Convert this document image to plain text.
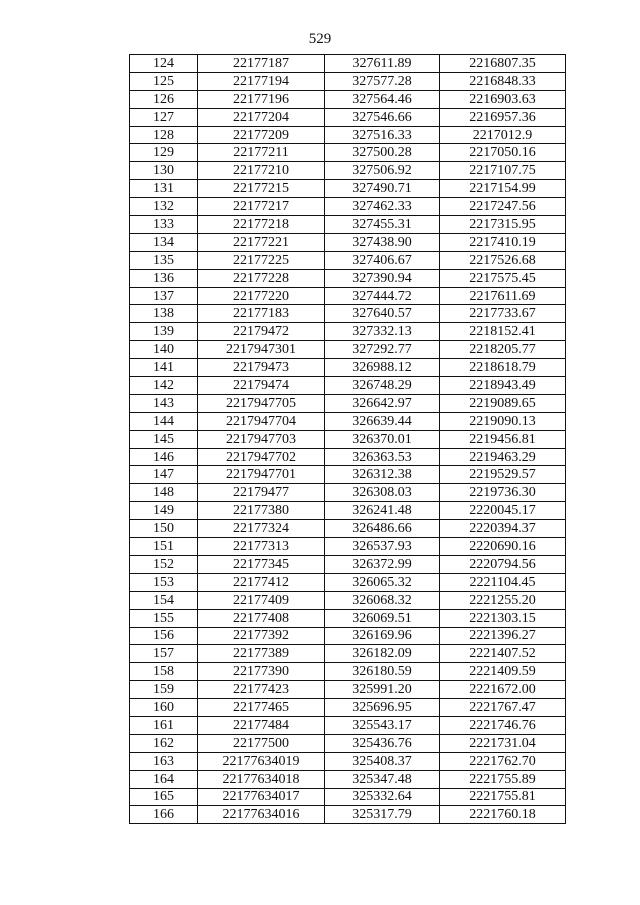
529
124	22177187	327611.89	2216807.35
125	22177194	327577.28	2216848.33
126	22177196	327564.46	2216903.63
127	22177204	327546.66	2216957.36
128	22177209	327516.33	2217012.9
129	22177211	327500.28	2217050.16
130	22177210	327506.92	2217107.75
131	22177215	327490.71	2217154.99
132	22177217	327462.33	2217247.56
133	22177218	327455.31	2217315.95
134	22177221	327438.90	2217410.19
135	22177225	327406.67	2217526.68
136	22177228	327390.94	2217575.45
137	22177220	327444.72	2217611.69
138	22177183	327640.57	2217733.67
139	22179472	327332.13	2218152.41
140	2217947301	327292.77	2218205.77
141	22179473	326988.12	2218618.79
142	22179474	326748.29	2218943.49
143	2217947705	326642.97	2219089.65
144	2217947704	326639.44	2219090.13
145	2217947703	326370.01	2219456.81
146	2217947702	326363.53	2219463.29
147	2217947701	326312.38	2219529.57
148	22179477	326308.03	2219736.30
149	22177380	326241.48	2220045.17
150	22177324	326486.66	2220394.37
151	22177313	326537.93	2220690.16
152	22177345	326372.99	2220794.56
153	22177412	326065.32	2221104.45
154	22177409	326068.32	2221255.20
155	22177408	326069.51	2221303.15
156	22177392	326169.96	2221396.27
157	22177389	326182.09	2221407.52
158	22177390	326180.59	2221409.59
159	22177423	325991.20	2221672.00
160	22177465	325696.95	2221767.47
161	22177484	325543.17	2221746.76
162	22177500	325436.76	2221731.04
163	22177634019	325408.37	2221762.70
164	22177634018	325347.48	2221755.89
165	22177634017	325332.64	2221755.81
166	22177634016	325317.79	2221760.18
